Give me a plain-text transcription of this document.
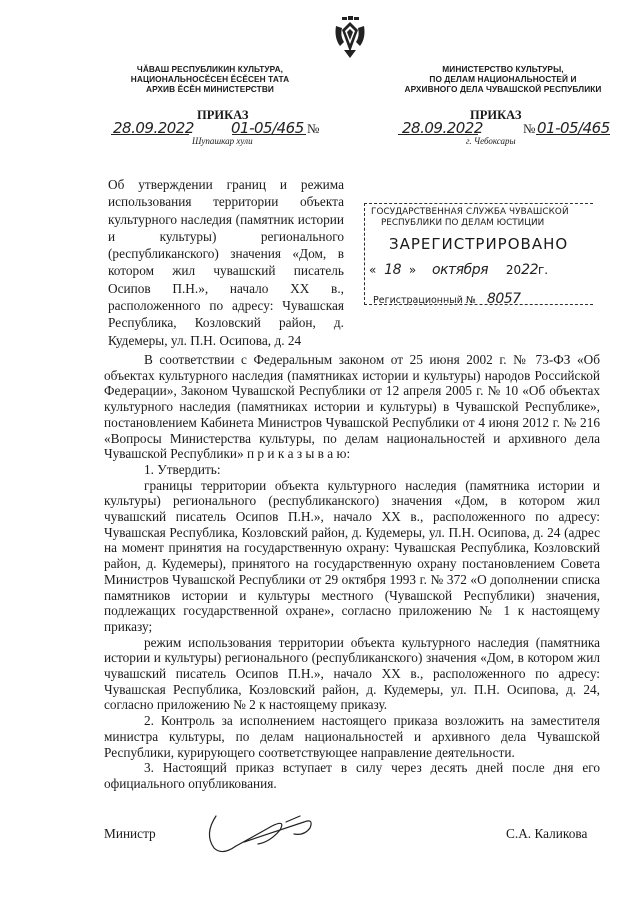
ЧӐВАШ РЕСПУБЛИКИН КУЛЬТУРА,
НАЦИОНАЛЬНОСĔСЕН ĔСĔСЕН ТАТА
АРХИВ ĔСĔН МИНИСТЕРСТВИ
ПРИКАЗ
28.09.2022 01-05/465 №
Шупашкар хули
МИНИСТЕРСТВО КУЛЬТУРЫ,
ПО ДЕЛАМ НАЦИОНАЛЬНОСТЕЙ И
АРХИВНОГО ДЕЛА ЧУВАШСКОЙ РЕСПУБЛИКИ
ПРИКАЗ
28.09.2022	№ 01-05/465
г. Чебоксары
Об утверждении границ и режима использования территории объекта культурного наследия (памятник истории и культуры) регионального (республиканского) значения «Дом, в котором жил чувашский писатель Осипов П.Н.», начало XX в., расположенного по адресу: Чувашская Республика, Козловский район, д. Кудемеры, ул. П.Н. Осипова, д. 24
ГОСУДАРСТВЕННАЯ СЛУЖБА ЧУВАШСКОЙ
РЕСПУБЛИКИ ПО ДЕЛАМ ЮСТИЦИИ
ЗАРЕГИСТРИРОВАНО
« 18 » октября 2022г.
Регистрационный № 8057

В соответствии с Федеральным законом от 25 июня 2002 г. № 73-ФЗ «Об объектах культурного наследия (памятниках истории и культуры) народов Российской Федерации», Законом Чувашской Республики от 12 апреля 2005 г. № 10 «Об объектах культурного наследия (памятниках истории и культуры) в Чувашской Республике», постановлением Кабинета Министров Чувашской Республики от 4 июня 2012 г. № 216 «Вопросы Министерства культуры, по делам национальностей и архивного дела Чувашской Республики» п р и к а з ы в а ю:

1. Утвердить:

границы территории объекта культурного наследия (памятника истории и культуры) регионального (республиканского) значения «Дом, в котором жил чувашский писатель Осипов П.Н.», начало XX в., расположенного по адресу: Чувашская Республика, Козловский район, д. Кудемеры, ул. П.Н. Осипова, д. 24 (адрес на момент принятия на государственную охрану: Чувашская Республика, Козловский район, д. Кудемеры), принятого на государственную охрану постановлением Совета Министров Чувашской Республики от 29 октября 1993 г. № 372 «О дополнении списка памятников истории и культуры местного (Чувашской Республики) значения, подлежащих государственной охране», согласно приложению № 1 к настоящему приказу;

режим использования территории объекта культурного наследия (памятника истории и культуры) регионального (республиканского) значения «Дом, в котором жил чувашский писатель Осипов П.Н.», начало XX в., расположенного по адресу: Чувашская Республика, Козловский район, д. Кудемеры, ул. П.Н. Осипова, д. 24, согласно приложению № 2 к настоящему приказу.

2. Контроль за исполнением настоящего приказа возложить на заместителя министра культуры, по делам национальностей и архивного дела Чувашской Республики, курирующего соответствующее направление деятельности.

3. Настоящий приказ вступает в силу через десять дней после дня его официального опубликования.

Министр	С.А. Каликова
